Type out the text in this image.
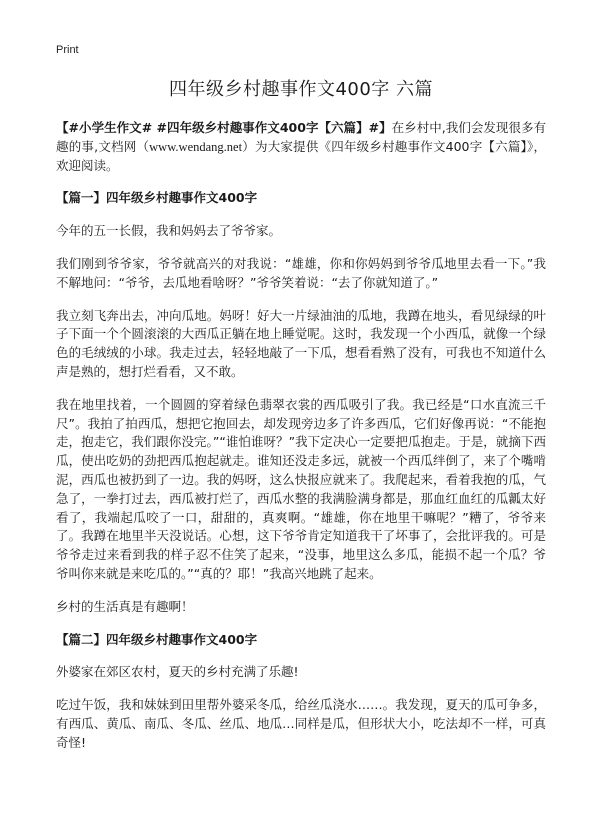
Print
四年级乡村趣事作文400字 六篇

【#小学生作文# #四年级乡村趣事作文400字【六篇】#】在乡村中,我们会发现很多有趣的事,文档网（www.wendang.net）为大家提供《四年级乡村趣事作文400字【六篇】》，欢迎阅读。

【篇一】四年级乡村趣事作文400字

今年的五一长假，我和妈妈去了爷爷家。

我们刚到爷爷家，爷爷就高兴的对我说：“雄雄，你和你妈妈到爷爷瓜地里去看一下。”我不解地问：“爷爷，去瓜地看啥呀？”爷爷笑着说：“去了你就知道了。”

我立刻飞奔出去，冲向瓜地。妈呀！好大一片绿油油的瓜地，我蹲在地头，看见绿绿的叶子下面一个个圆滚滚的大西瓜正躺在地上睡觉呢。这时，我发现一个小西瓜，就像一个绿色的毛绒绒的小球。我走过去，轻轻地敲了一下瓜，想看看熟了没有，可我也不知道什么声是熟的，想打烂看看，又不敢。

我在地里找着，一个圆圆的穿着绿色翡翠衣裳的西瓜吸引了我。我已经是“口水直流三千尺”。我拍了拍西瓜，想把它抱回去，却发现旁边多了许多西瓜，它们好像再说：“不能抱走，抱走它，我们跟你没完。”“谁怕谁呀？”我下定决心一定要把瓜抱走。于是，就摘下西瓜，使出吃奶的劲把西瓜抱起就走。谁知还没走多远，就被一个西瓜绊倒了，来了个嘴啃泥，西瓜也被扔到了一边。我的妈呀，这么快报应就来了。我爬起来，看着我抱的瓜，气急了，一拳打过去，西瓜被打烂了，西瓜水整的我满脸满身都是，那血红血红的瓜瓤太好看了，我端起瓜咬了一口，甜甜的，真爽啊。“雄雄，你在地里干嘛呢？”糟了，爷爷来了。我蹲在地里半天没说话。心想，这下爷爷肯定知道我干了坏事了，会批评我的。可是爷爷走过来看到我的样子忍不住笑了起来，“没事，地里这么多瓜，能损不起一个瓜？爷爷叫你来就是来吃瓜的。”“真的？耶！”我高兴地跳了起来。

乡村的生活真是有趣啊！

【篇二】四年级乡村趣事作文400字

外婆家在郊区农村，夏天的乡村充满了乐趣!

吃过午饭，我和妹妹到田里帮外婆采冬瓜，给丝瓜浇水……。我发现，夏天的瓜可争多，有西瓜、黄瓜、南瓜、冬瓜、丝瓜、地瓜…同样是瓜，但形状大小，吃法却不一样，可真奇怪!
